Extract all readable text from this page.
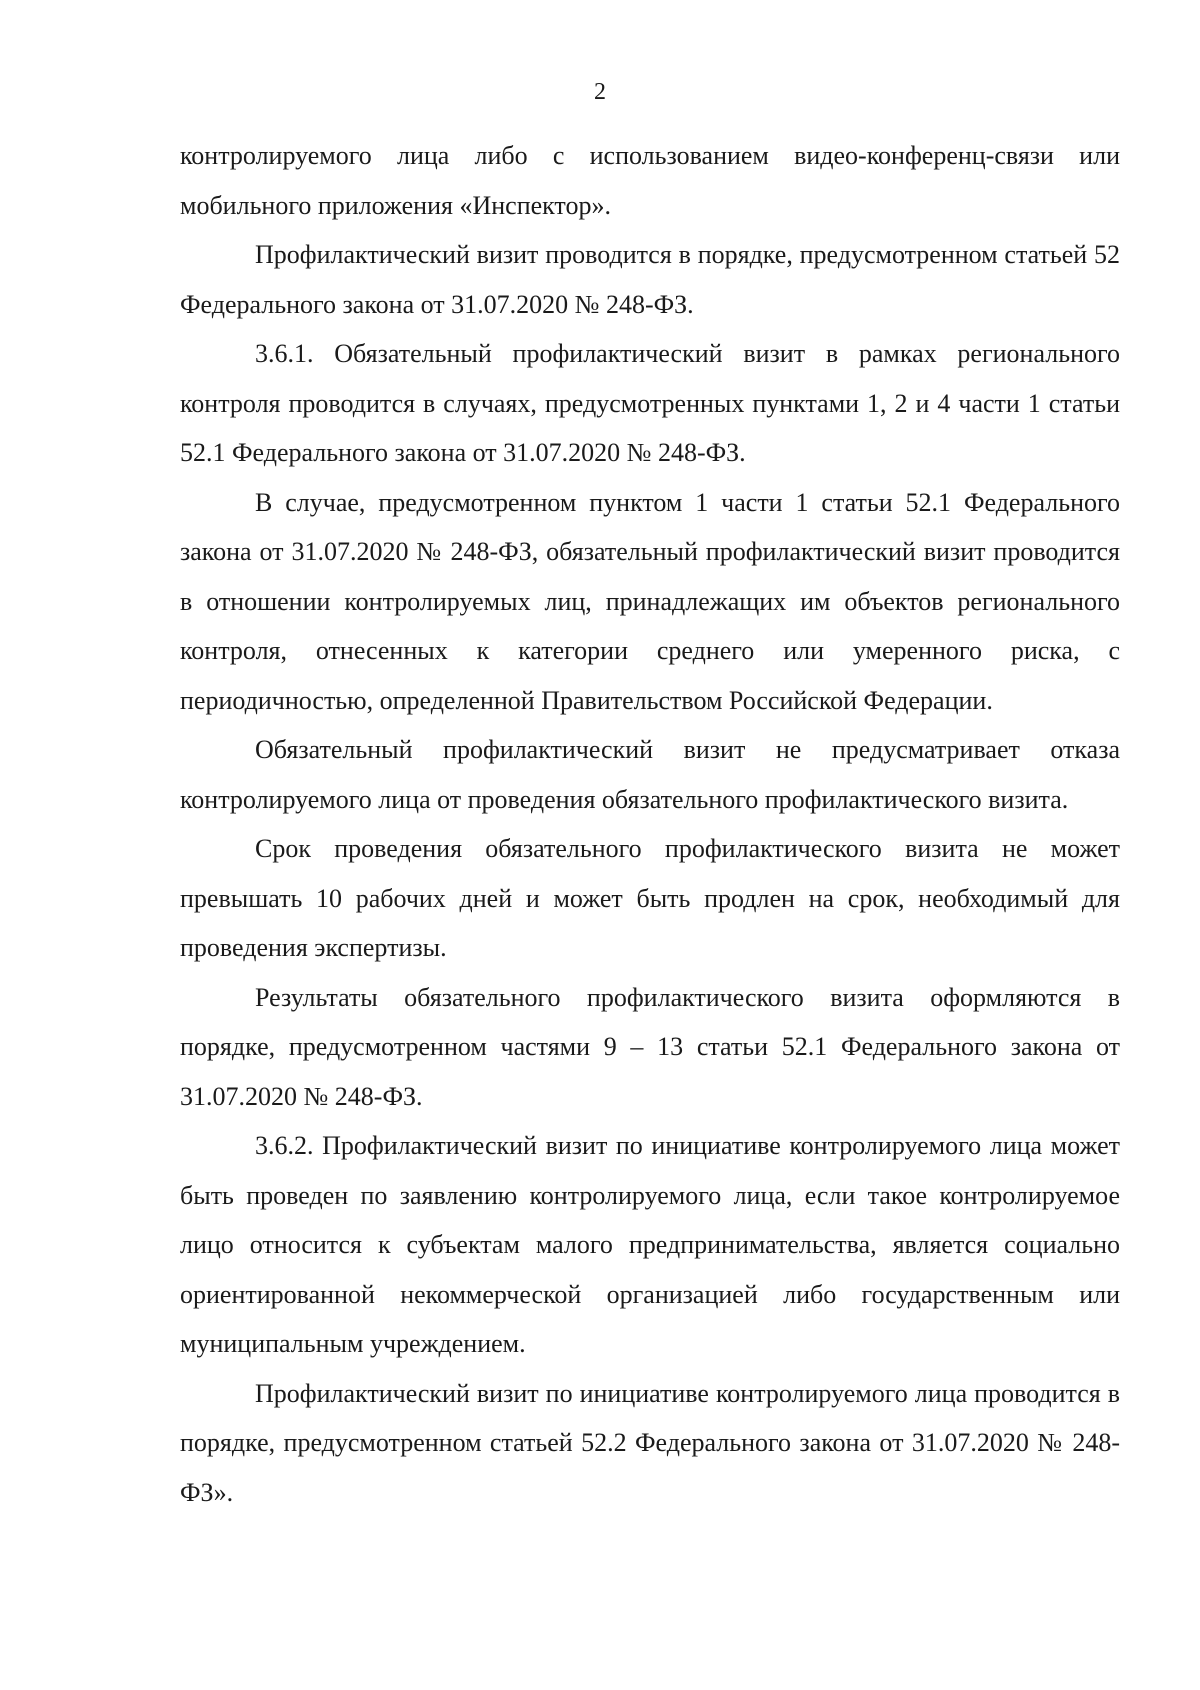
2

контролируемого лица либо с использованием видео-конференц-связи или мобильного приложения «Инспектор».

Профилактический визит проводится в порядке, предусмотренном статьей 52 Федерального закона от 31.07.2020 № 248-ФЗ.

3.6.1. Обязательный профилактический визит в рамках регионального контроля проводится в случаях, предусмотренных пунктами 1, 2 и 4 части 1 статьи 52.1 Федерального закона от 31.07.2020 № 248-ФЗ.

В случае, предусмотренном пунктом 1 части 1 статьи 52.1 Федерального закона от 31.07.2020 № 248-ФЗ, обязательный профилактический визит проводится в отношении контролируемых лиц, принадлежащих им объектов регионального контроля, отнесенных к категории среднего или умеренного риска, с периодичностью, определенной Правительством Российской Федерации.

Обязательный профилактический визит не предусматривает отказа контролируемого лица от проведения обязательного профилактического визита.

Срок проведения обязательного профилактического визита не может превышать 10 рабочих дней и может быть продлен на срок, необходимый для проведения экспертизы.

Результаты обязательного профилактического визита оформляются в порядке, предусмотренном частями 9 – 13 статьи 52.1 Федерального закона от 31.07.2020 № 248-ФЗ.

3.6.2. Профилактический визит по инициативе контролируемого лица может быть проведен по заявлению контролируемого лица, если такое контролируемое лицо относится к субъектам малого предпринимательства, является социально ориентированной некоммерческой организацией либо государственным или муниципальным учреждением.

Профилактический визит по инициативе контролируемого лица проводится в порядке, предусмотренном статьей 52.2 Федерального закона от 31.07.2020 № 248-ФЗ».
